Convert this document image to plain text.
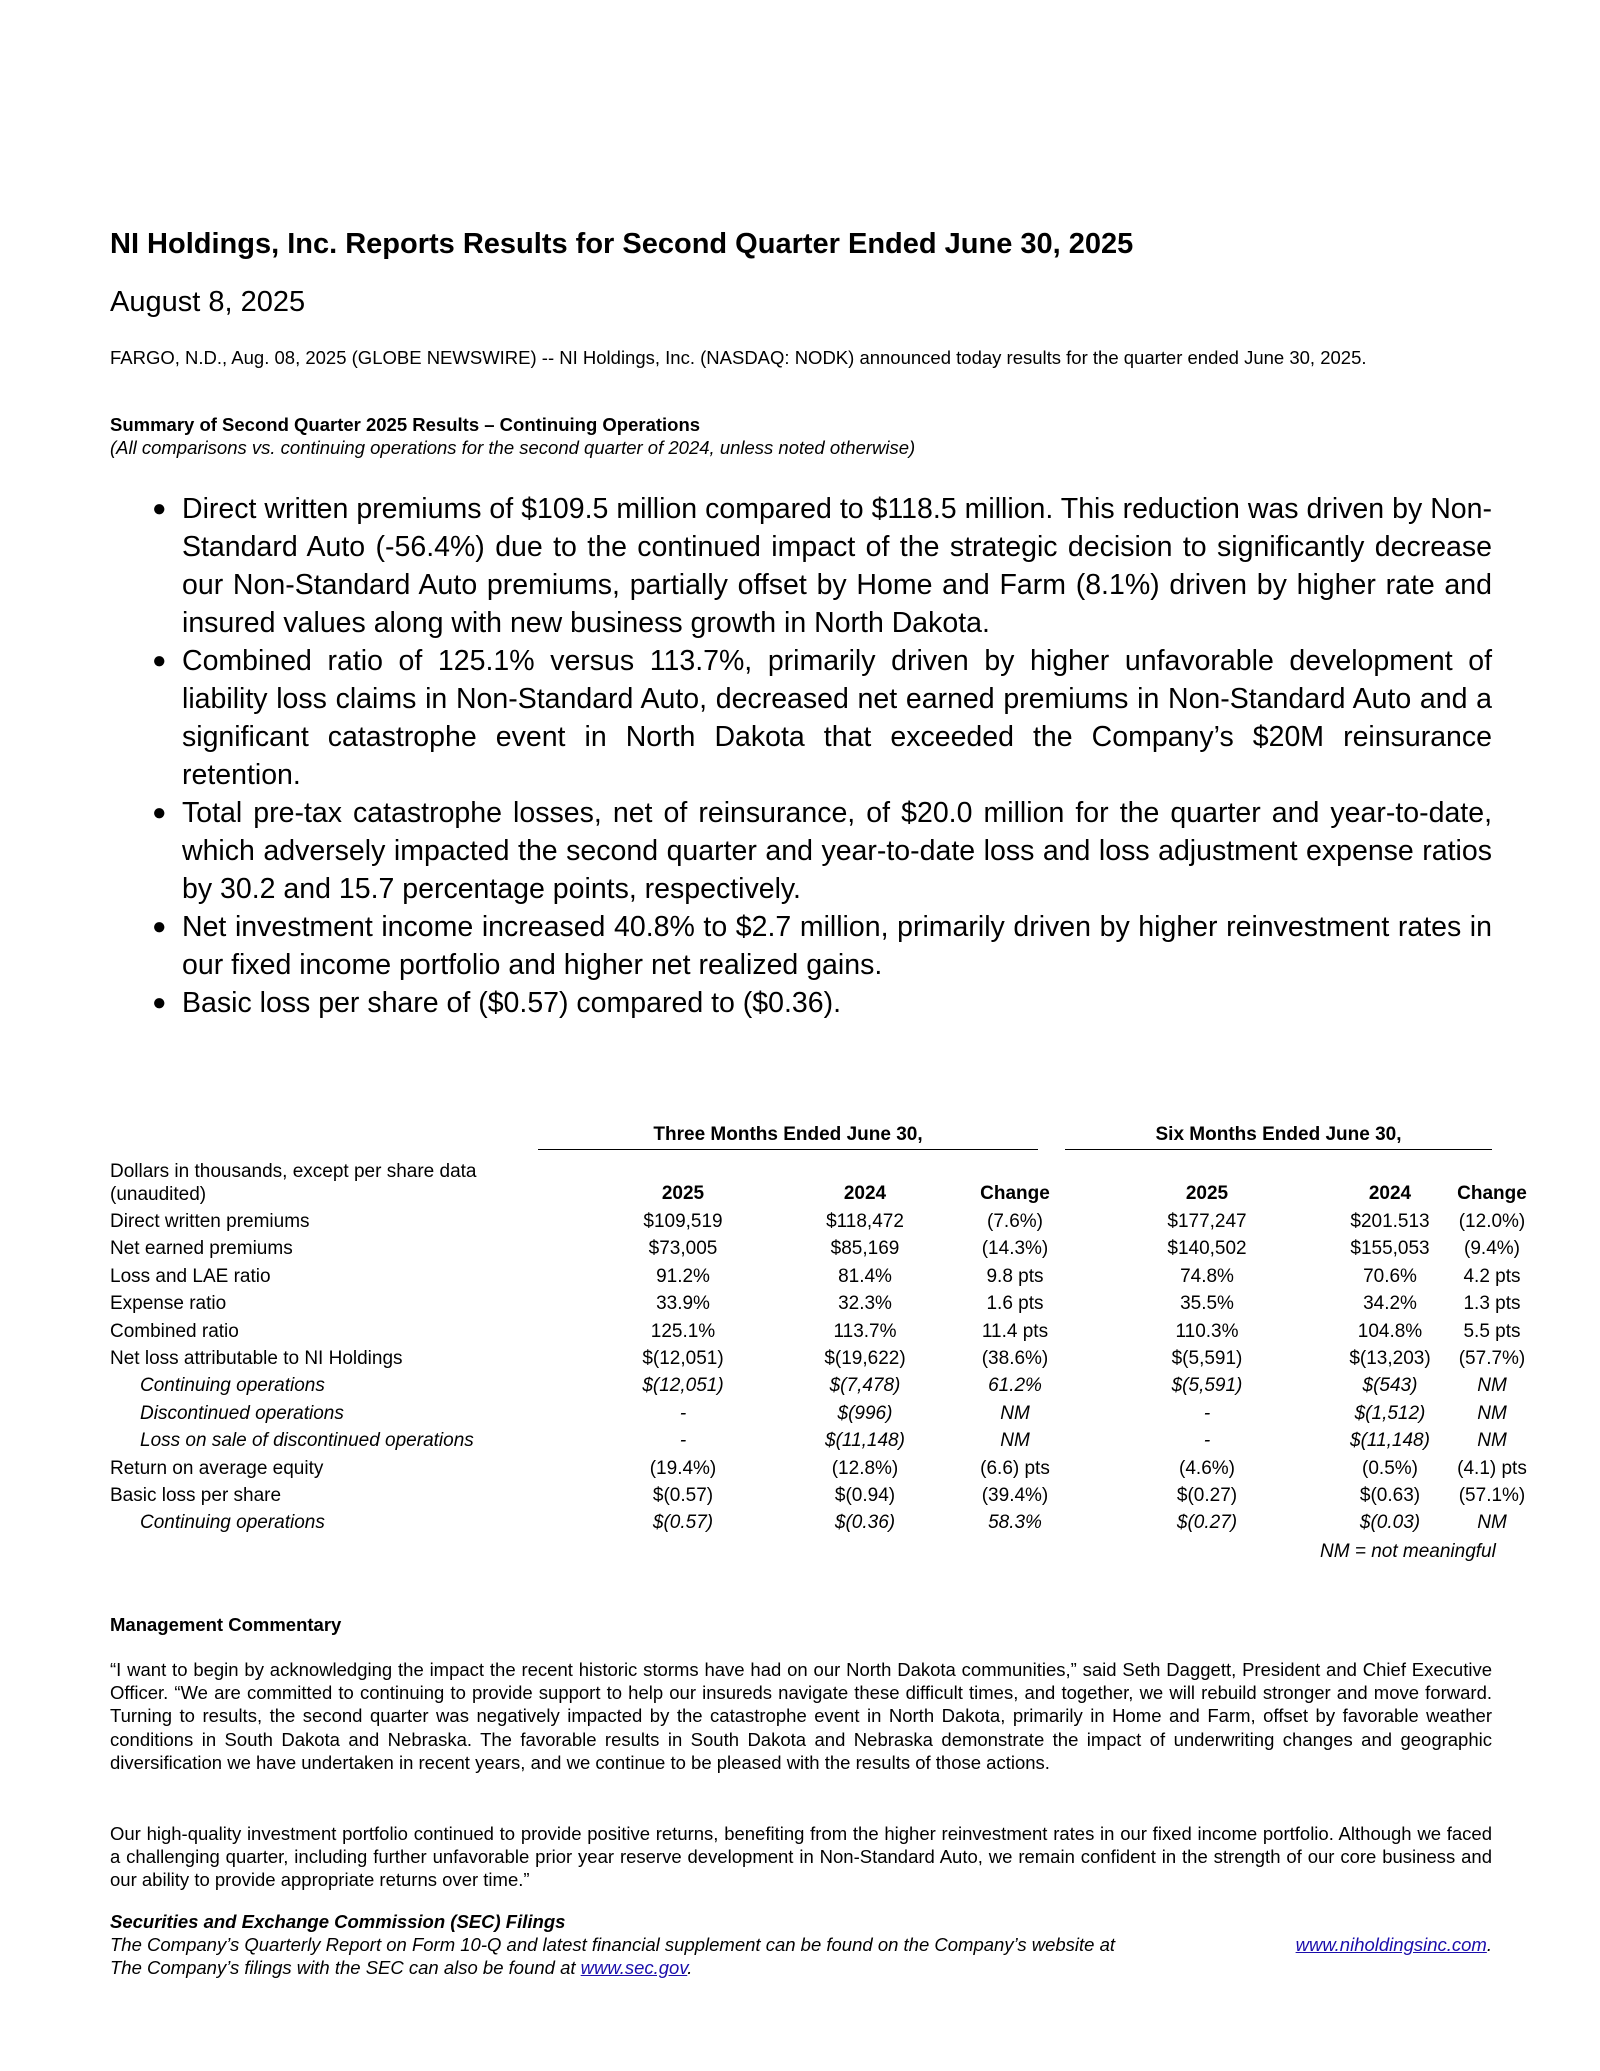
NI Holdings, Inc. Reports Results for Second Quarter Ended June 30, 2025
August 8, 2025
FARGO, N.D., Aug. 08, 2025 (GLOBE NEWSWIRE) -- NI Holdings, Inc. (NASDAQ: NODK) announced today results for the quarter ended June 30, 2025.
Summary of Second Quarter 2025 Results – Continuing Operations
(All comparisons vs. continuing operations for the second quarter of 2024, unless noted otherwise)
● Direct written premiums of $109.5 million compared to $118.5 million. This reduction was driven by Non-Standard Auto (-56.4%) due to the continued impact of the strategic decision to significantly decrease our Non-Standard Auto premiums, partially offset by Home and Farm (8.1%) driven by higher rate and insured values along with new business growth in North Dakota.
● Combined ratio of 125.1% versus 113.7%, primarily driven by higher unfavorable development of liability loss claims in Non-Standard Auto, decreased net earned premiums in Non-Standard Auto and a significant catastrophe event in North Dakota that exceeded the Company’s $20M reinsurance retention.
● Total pre-tax catastrophe losses, net of reinsurance, of $20.0 million for the quarter and year-to-date, which adversely impacted the second quarter and year-to-date loss and loss adjustment expense ratios by 30.2 and 15.7 percentage points, respectively.
● Net investment income increased 40.8% to $2.7 million, primarily driven by higher reinvestment rates in our fixed income portfolio and higher net realized gains.
● Basic loss per share of ($0.57) compared to ($0.36).
Three Months Ended June 30,	Six Months Ended June 30,
Dollars in thousands, except per share data
(unaudited)	2025	2024	Change	2025	2024	Change
Direct written premiums	$109,519	$118,472	(7.6%)	$177,247	$201.513	(12.0%)
Net earned premiums	$73,005	$85,169	(14.3%)	$140,502	$155,053	(9.4%)
Loss and LAE ratio	91.2%	81.4%	9.8 pts	74.8%	70.6%	4.2 pts
Expense ratio	33.9%	32.3%	1.6 pts	35.5%	34.2%	1.3 pts
Combined ratio	125.1%	113.7%	11.4 pts	110.3%	104.8%	5.5 pts
Net loss attributable to NI Holdings	$(12,051)	$(19,622)	(38.6%)	$(5,591)	$(13,203)	(57.7%)
Continuing operations	$(12,051)	$(7,478)	61.2%	$(5,591)	$(543)	NM
Discontinued operations	-	$(996)	NM	-	$(1,512)	NM
Loss on sale of discontinued operations	-	$(11,148)	NM	-	$(11,148)	NM
Return on average equity	(19.4%)	(12.8%)	(6.6) pts	(4.6%)	(0.5%)	(4.1) pts
Basic loss per share	$(0.57)	$(0.94)	(39.4%)	$(0.27)	$(0.63)	(57.1%)
Continuing operations	$(0.57)	$(0.36)	58.3%	$(0.27)	$(0.03)	NM
NM = not meaningful
Management Commentary
“I want to begin by acknowledging the impact the recent historic storms have had on our North Dakota communities,” said Seth Daggett, President and Chief Executive Officer. “We are committed to continuing to provide support to help our insureds navigate these difficult times, and together, we will rebuild stronger and move forward. Turning to results, the second quarter was negatively impacted by the catastrophe event in North Dakota, primarily in Home and Farm, offset by favorable weather conditions in South Dakota and Nebraska. The favorable results in South Dakota and Nebraska demonstrate the impact of underwriting changes and geographic diversification we have undertaken in recent years, and we continue to be pleased with the results of those actions.
Our high-quality investment portfolio continued to provide positive returns, benefiting from the higher reinvestment rates in our fixed income portfolio. Although we faced a challenging quarter, including further unfavorable prior year reserve development in Non-Standard Auto, we remain confident in the strength of our core business and our ability to provide appropriate returns over time.”
Securities and Exchange Commission (SEC) Filings
The Company’s Quarterly Report on Form 10-Q and latest financial supplement can be found on the Company’s website at	www.niholdingsinc.com.
The Company’s filings with the SEC can also be found at www.sec.gov.
